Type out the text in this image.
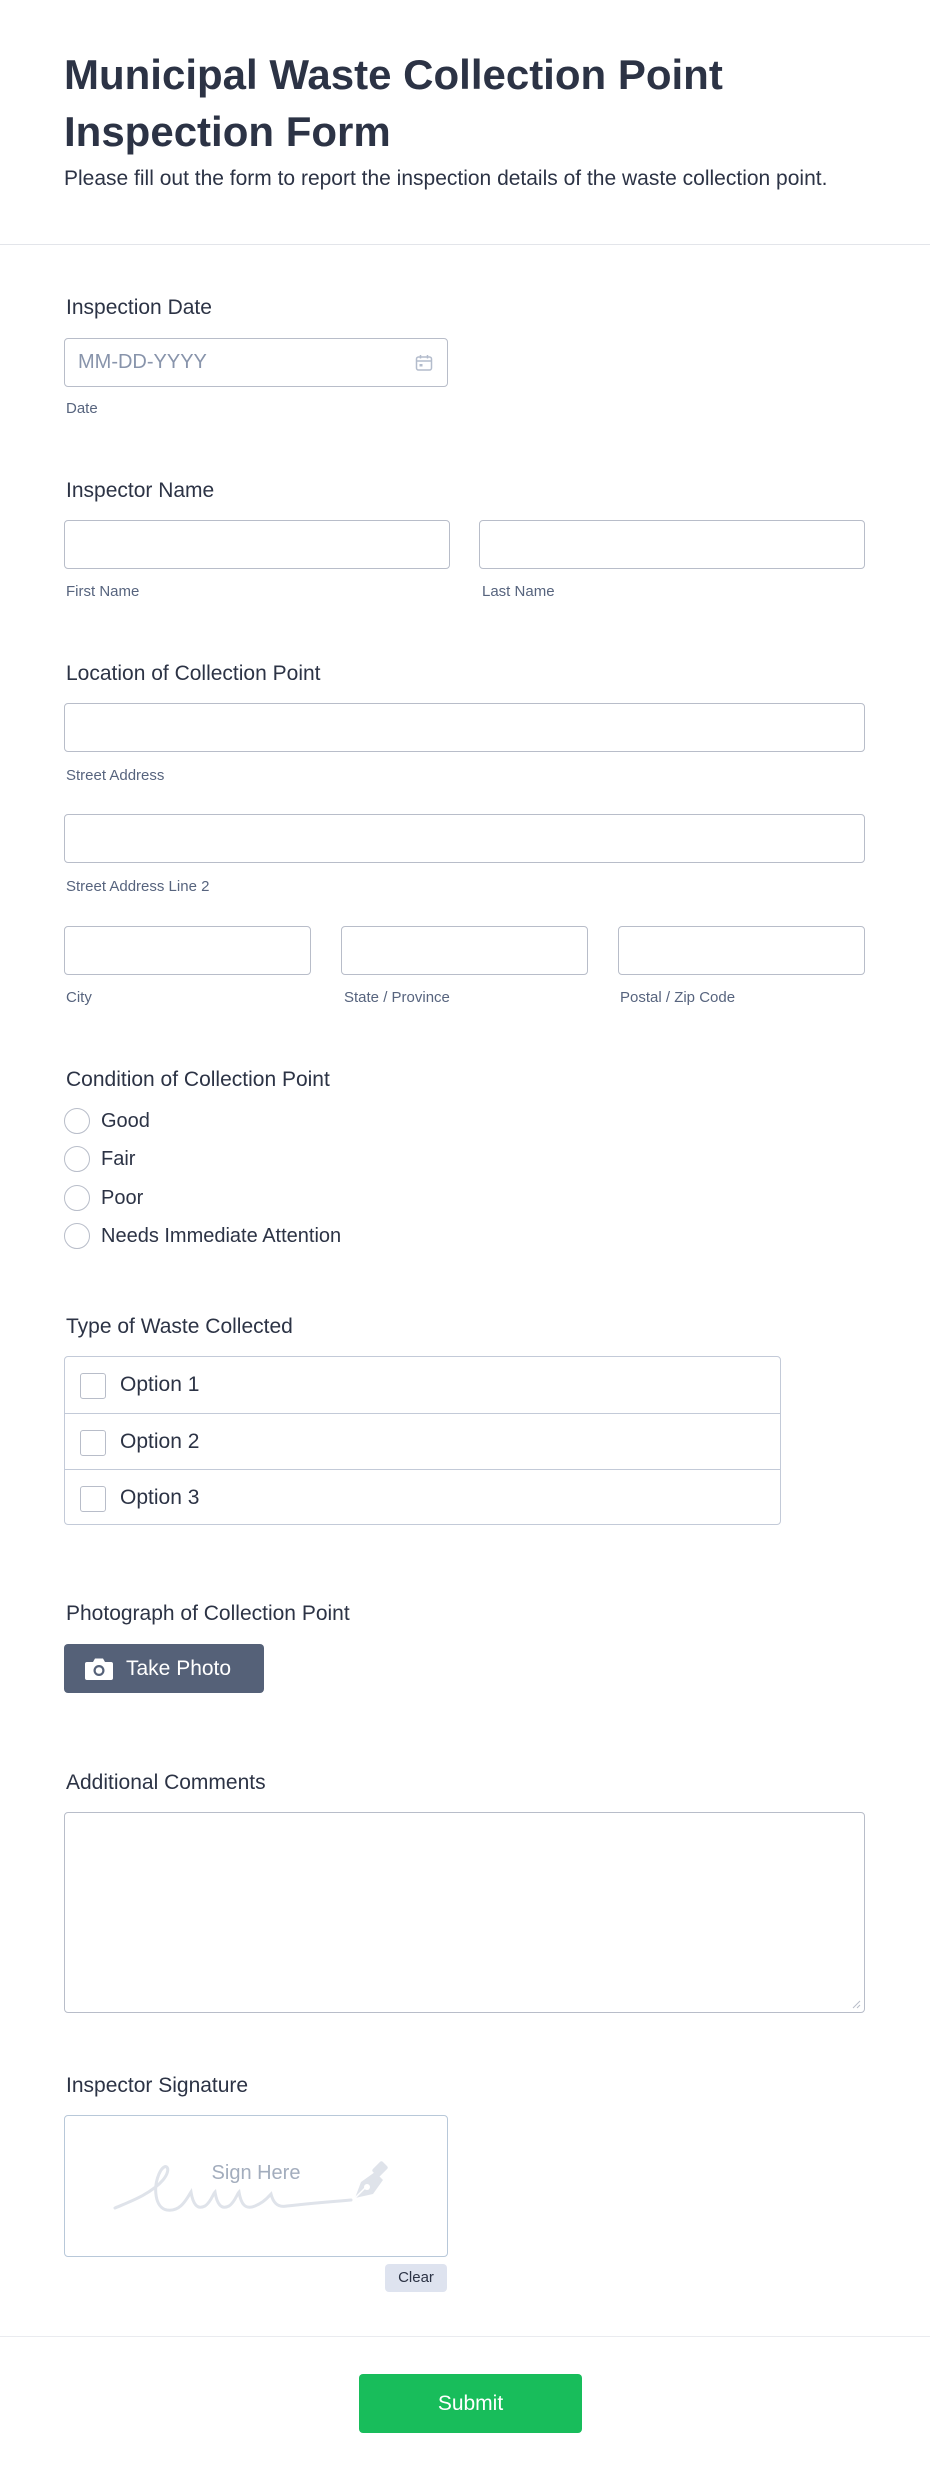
Municipal Waste Collection Point Inspection Form

Please fill out the form to report the inspection details of the waste collection point.

Inspection Date
MM-DD-YYYY
Date
Inspector Name
First Name	Last Name
Location of Collection Point
Street Address
Street Address Line 2
City	State / Province	Postal / Zip Code
Condition of Collection Point
Good
Fair
Poor
Needs Immediate Attention
Type of Waste Collected
Option 1
Option 2
Option 3
Photograph of Collection Point
Take Photo
Additional Comments
Inspector Signature
Sign Here
Clear
Submit
